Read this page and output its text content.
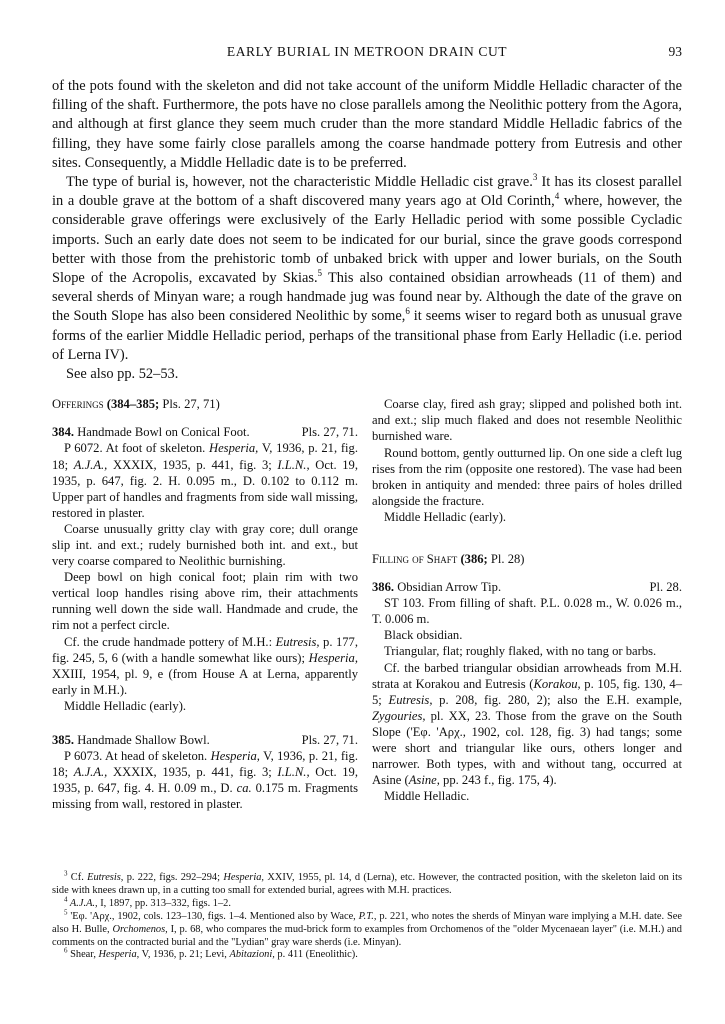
EARLY BURIAL IN METROON DRAIN CUT	93

of the pots found with the skeleton and did not take account of the uniform Middle Helladic character of the filling of the shaft. Furthermore, the pots have no close parallels among the Neolithic pottery from the Agora, and although at first glance they seem much cruder than the more standard Middle Helladic fabrics of the filling, they have some fairly close parallels among the coarse handmade pottery from Eutresis and other sites. Consequently, a Middle Helladic date is to be preferred.

The type of burial is, however, not the characteristic Middle Helladic cist grave.$^3$ It has its closest parallel in a double grave at the bottom of a shaft discovered many years ago at Old Corinth,$^4$ where, however, the considerable grave offerings were exclusively of the Early Helladic period with some possible Cycladic imports. Such an early date does not seem to be indicated for our burial, since the grave goods correspond better with those from the prehistoric tomb of unbaked brick with upper and lower burials, on the South Slope of the Acropolis, excavated by Skias.$^5$ This also contained obsidian arrowheads (11 of them) and several sherds of Minyan ware; a rough handmade jug was found near by. Although the date of the grave on the South Slope has also been considered Neolithic by some,$^6$ it seems wiser to regard both as unusual grave forms of the earlier Middle Helladic period, perhaps of the transitional phase from Early Helladic (i.e. period of Lerna IV).

See also pp. 52–53.

Offerings (384–385; Pls. 27, 71)
384. Handmade Bowl on Conical Foot.	Pls. 27, 71.

P 6072. At foot of skeleton. Hesperia, V, 1936, p. 21, fig. 18; A.J.A., XXXIX, 1935, p. 441, fig. 3; I.L.N., Oct. 19, 1935, p. 647, fig. 2. H. 0.095 m., D. 0.102 to 0.112 m. Upper part of handles and fragments from side wall missing, restored in plaster.

Coarse unusually gritty clay with gray core; dull orange slip int. and ext.; rudely burnished both int. and ext., but very coarse compared to Neolithic burnishing.

Deep bowl on high conical foot; plain rim with two vertical loop handles rising above rim, their attachments running well down the side wall. Handmade and crude, the rim not a perfect circle.

Cf. the crude handmade pottery of M.H.: Eutresis, p. 177, fig. 245, 5, 6 (with a handle somewhat like ours); Hesperia, XXIII, 1954, pl. 9, e (from House A at Lerna, apparently early in M.H.).

Middle Helladic (early).

385. Handmade Shallow Bowl.	Pls. 27, 71.

P 6073. At head of skeleton. Hesperia, V, 1936, p. 21, fig. 18; A.J.A., XXXIX, 1935, p. 441, fig. 3; I.L.N., Oct. 19, 1935, p. 647, fig. 4. H. 0.09 m., D. ca. 0.175 m. Fragments missing from wall, restored in plaster.

Coarse clay, fired ash gray; slipped and polished both int. and ext.; slip much flaked and does not resemble Neolithic burnished ware.

Round bottom, gently outturned lip. On one side a cleft lug rises from the rim (opposite one restored). The vase had been broken in antiquity and mended: three pairs of holes drilled alongside the fracture.

Middle Helladic (early).

Filling of Shaft (386; Pl. 28)
386. Obsidian Arrow Tip.	Pl. 28.

ST 103. From filling of shaft. P.L. 0.028 m., W. 0.026 m., T. 0.006 m.

Black obsidian.

Triangular, flat; roughly flaked, with no tang or barbs.

Cf. the barbed triangular obsidian arrowheads from M.H. strata at Korakou and Eutresis (Korakou, p. 105, fig. 130, 4–5; Eutresis, p. 208, fig. 280, 2); also the E.H. example, Zygouries, pl. XX, 23. Those from the grave on the South Slope ('Εφ. 'Αρχ., 1902, col. 128, fig. 3) had tangs; some were short and triangular like ours, others longer and narrower. Both types, with and without tang, occurred at Asine (Asine, pp. 243 f., fig. 175, 4).

Middle Helladic.

$^3$ Cf. Eutresis, p. 222, figs. 292–294; Hesperia, XXIV, 1955, pl. 14, d (Lerna), etc. However, the contracted position, with the skeleton laid on its side with knees drawn up, in a cutting too small for extended burial, agrees with M.H. practices.

$^4$ A.J.A., I, 1897, pp. 313–332, figs. 1–2.

$^5$ 'Εφ. 'Αρχ., 1902, cols. 123–130, figs. 1–4. Mentioned also by Wace, P.T., p. 221, who notes the sherds of Minyan ware implying a M.H. date. See also H. Bulle, Orchomenos, I, p. 68, who compares the mud-brick form to examples from Orchomenos of the "older Mycenaean layer" (i.e. M.H.) and comments on the contracted burial and the "Lydian" gray ware sherds (i.e. Minyan).

$^6$ Shear, Hesperia, V, 1936, p. 21; Levi, Abitazioni, p. 411 (Eneolithic).
